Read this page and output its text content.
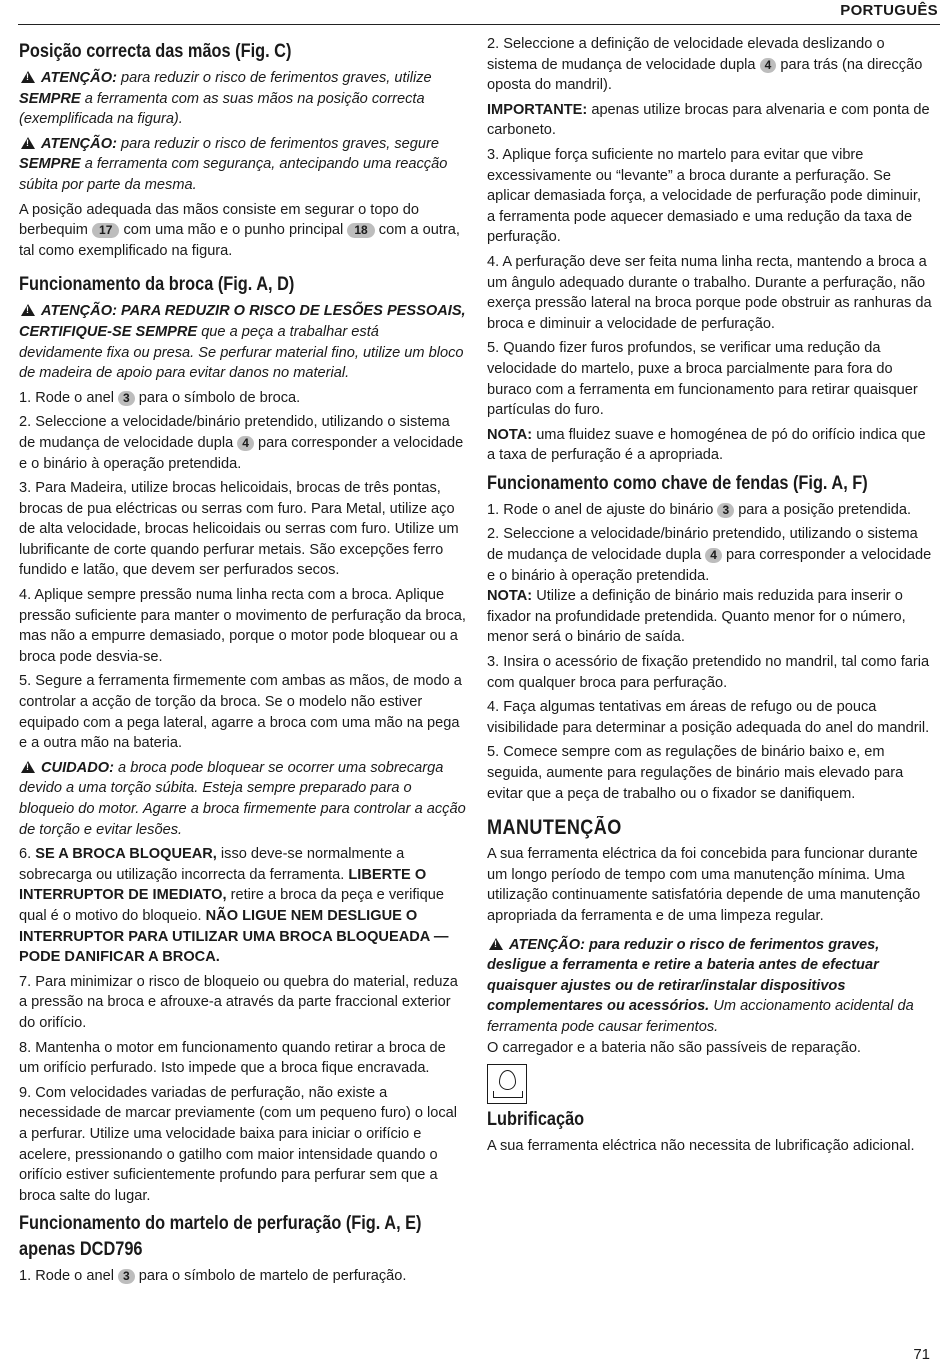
PORTUGUÊS
Posição correcta das mãos (Fig. C)

!ATENÇÃO: para reduzir o risco de ferimentos graves, utilize SEMPRE a ferramenta com as suas mãos na posição correcta (exemplificada na figura).

!ATENÇÃO: para reduzir o risco de ferimentos graves, segure SEMPRE a ferramenta com segurança, antecipando uma reacção súbita por parte da mesma.

A posição adequada das mãos consiste em segurar o topo do berbequim 17 com uma mão e o punho principal 18 com a outra, tal como exemplificado na figura.

Funcionamento da broca (Fig. A, D)

!ATENÇÃO: PARA REDUZIR O RISCO DE LESÕES PESSOAIS, CERTIFIQUE-SE SEMPRE que a peça a trabalhar está devidamente fixa ou presa. Se perfurar material fino, utilize um bloco de madeira de apoio para evitar danos no material.

1. Rode o anel 3 para o símbolo de broca.

2. Seleccione a velocidade/binário pretendido, utilizando o sistema de mudança de velocidade dupla 4 para corresponder a velocidade e o binário à operação pretendida.

3. Para Madeira, utilize brocas helicoidais, brocas de três pontas, brocas de pua eléctricas ou serras com furo. Para Metal, utilize aço de alta velocidade, brocas helicoidais ou serras com furo. Utilize um lubrificante de corte quando perfurar metais. São excepções ferro fundido e latão, que devem ser perfurados secos.

4. Aplique sempre pressão numa linha recta com a broca. Aplique pressão suficiente para manter o movimento de perfuração da broca, mas não a empurre demasiado, porque o motor pode bloquear ou a broca pode desvia-se.

5. Segure a ferramenta firmemente com ambas as mãos, de modo a controlar a acção de torção da broca. Se o modelo não estiver equipado com a pega lateral, agarre a broca com uma mão na pega e a outra mão na bateria.

!CUIDADO: a broca pode bloquear se ocorrer uma sobrecarga devido a uma torção súbita. Esteja sempre preparado para o bloqueio do motor. Agarre a broca firmemente para controlar a acção de torção e evitar lesões.

6. SE A BROCA BLOQUEAR, isso deve-se normalmente a sobrecarga ou utilização incorrecta da ferramenta. LIBERTE O INTERRUPTOR DE IMEDIATO, retire a broca da peça e verifique qual é o motivo do bloqueio. NÃO LIGUE NEM DESLIGUE O INTERRUPTOR PARA UTILIZAR UMA BROCA BLOQUEADA — PODE DANIFICAR A BROCA.

7. Para minimizar o risco de bloqueio ou quebra do material, reduza a pressão na broca e afrouxe-a através da parte fraccional exterior do orifício.

8. Mantenha o motor em funcionamento quando retirar a broca de um orifício perfurado. Isto impede que a broca fique encravada.

9. Com velocidades variadas de perfuração, não existe a necessidade de marcar previamente (com um pequeno furo) o local a perfurar. Utilize uma velocidade baixa para iniciar o orifício e acelere, pressionando o gatilho com maior intensidade quando o orifício estiver suficientemente profundo para perfurar sem que a broca salte do lugar.

Funcionamento do martelo de perfuração (Fig. A, E)
apenas DCD796

1. Rode o anel 3 para o símbolo de martelo de perfuração.

2. Seleccione a definição de velocidade elevada deslizando o sistema de mudança de velocidade dupla 4 para trás (na direcção oposta do mandril).

IMPORTANTE: apenas utilize brocas para alvenaria e com ponta de carboneto.

3. Aplique força suficiente no martelo para evitar que vibre excessivamente ou “levante” a broca durante a perfuração. Se aplicar demasiada força, a velocidade de perfuração pode diminuir, a ferramenta pode aquecer demasiado e uma redução da taxa de perfuração.

4. A perfuração deve ser feita numa linha recta, mantendo a broca a um ângulo adequado durante o trabalho. Durante a perfuração, não exerça pressão lateral na broca porque pode obstruir as ranhuras da broca e diminuir a velocidade de perfuração.

5. Quando fizer furos profundos, se verificar uma redução da velocidade do martelo, puxe a broca parcialmente para fora do buraco com a ferramenta em funcionamento para retirar quaisquer partículas do furo.

NOTA: uma fluidez suave e homogénea de pó do orifício indica que a taxa de perfuração é a apropriada.

Funcionamento como chave de fendas (Fig. A, F)

1. Rode o anel de ajuste do binário 3 para a posição pretendida.

2. Seleccione a velocidade/binário pretendido, utilizando o sistema de mudança de velocidade dupla 4 para corresponder a velocidade e o binário à operação pretendida.

NOTA: Utilize a definição de binário mais reduzida para inserir o fixador na profundidade pretendida. Quanto menor for o número, menor será o binário de saída.

3. Insira o acessório de fixação pretendido no mandril, tal como faria com qualquer broca para perfuração.

4. Faça algumas tentativas em áreas de refugo ou de pouca visibilidade para determinar a posição adequada do anel do mandril.

5. Comece sempre com as regulações de binário baixo e, em seguida, aumente para regulações de binário mais elevado para evitar que a peça de trabalho ou o fixador se danifiquem.

MANUTENÇÃO

A sua ferramenta eléctrica da foi concebida para funcionar durante um longo período de tempo com uma manutenção mínima. Uma utilização continuamente satisfatória depende de uma manutenção apropriada da ferramenta e de uma limpeza regular.

!ATENÇÃO: para reduzir o risco de ferimentos graves, desligue a ferramenta e retire a bateria antes de efectuar quaisquer ajustes ou de retirar/instalar dispositivos complementares ou acessórios. Um accionamento acidental da ferramenta pode causar ferimentos.

O carregador e a bateria não são passíveis de reparação.

Lubrificação

A sua ferramenta eléctrica não necessita de lubrificação adicional.

71
